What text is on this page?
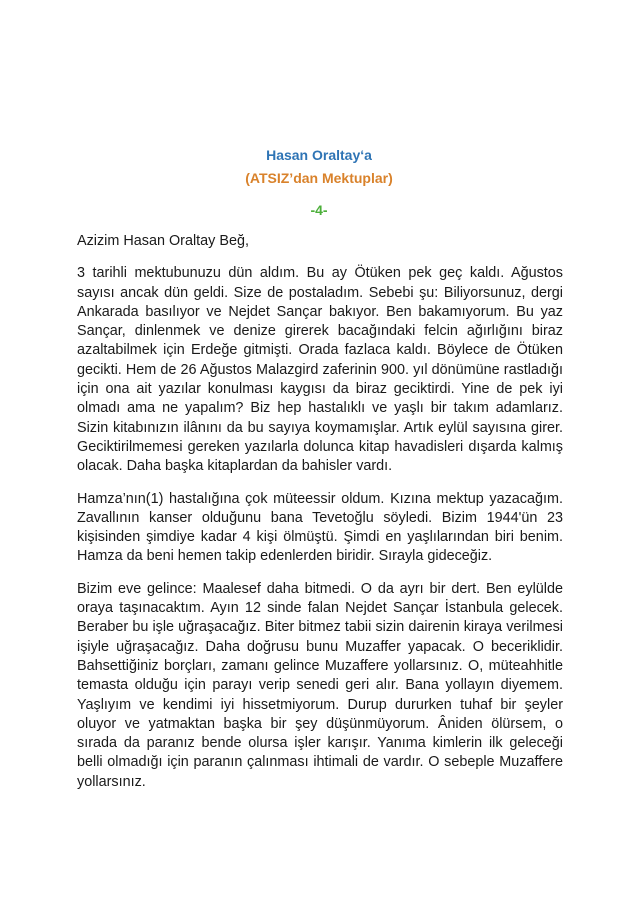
Hasan Oraltay‘a
(ATSIZ’dan Mektuplar)
-4-

Azizim Hasan Oraltay Beğ,

3 tarihli mektubunuzu dün aldım. Bu ay Ötüken pek geç kaldı. Ağustos sayısı ancak dün geldi. Size de postaladım. Sebebi şu: Biliyorsunuz, dergi Ankarada basılıyor ve Nejdet Sançar bakıyor. Ben bakamıyorum. Bu yaz Sançar, dinlenmek ve denize girerek bacağındaki felcin ağırlığını biraz azaltabilmek için Erdeğe gitmişti. Orada fazlaca kaldı. Böylece de Ötüken gecikti. Hem de 26 Ağustos Malazgird zaferinin 900. yıl dönümüne rastladığı için ona ait yazılar konulması kaygısı da biraz geciktirdi. Yine de pek iyi olmadı ama ne yapalım? Biz hep hastalıklı ve yaşlı bir takım adamlarız. Sizin kitabınızın ilânını da bu sayıya koymamışlar. Artık eylül sayısına girer. Geciktirilmemesi gereken yazılarla dolunca kitap havadisleri dışarda kalmış olacak. Daha başka kitaplardan da bahisler vardı.

Hamza’nın(1) hastalığına çok müteessir oldum. Kızına mektup yazacağım. Zavallının kanser olduğunu bana Tevetoğlu söyledi. Bizim 1944'ün 23 kişisinden şimdiye kadar 4 kişi ölmüştü. Şimdi en yaşlılarından biri benim. Hamza da beni hemen takip edenlerden biridir. Sırayla gideceğiz.

Bizim eve gelince: Maalesef daha bitmedi. O da ayrı bir dert. Ben eylülde oraya taşınacaktım. Ayın 12 sinde falan Nejdet Sançar İstanbula gelecek. Beraber bu işle uğraşacağız. Biter bitmez tabii sizin dairenin kiraya verilmesi işiyle uğraşacağız. Daha doğrusu bunu Muzaffer yapacak. O beceriklidir. Bahsettiğiniz borçları, zamanı gelince Muzaffere yollarsınız. O, müteahhitle temasta olduğu için parayı verip senedi geri alır. Bana yollayın diyemem. Yaşlıyım ve kendimi iyi hissetmiyorum. Durup dururken tuhaf bir şeyler oluyor ve yatmaktan başka bir şey düşünmüyorum. Âniden ölürsem, o sırada da paranız bende olursa işler karışır. Yanıma kimlerin ilk geleceği belli olmadığı için paranın çalınması ihtimali de vardır. O sebeple Muzaffere yollarsınız.
